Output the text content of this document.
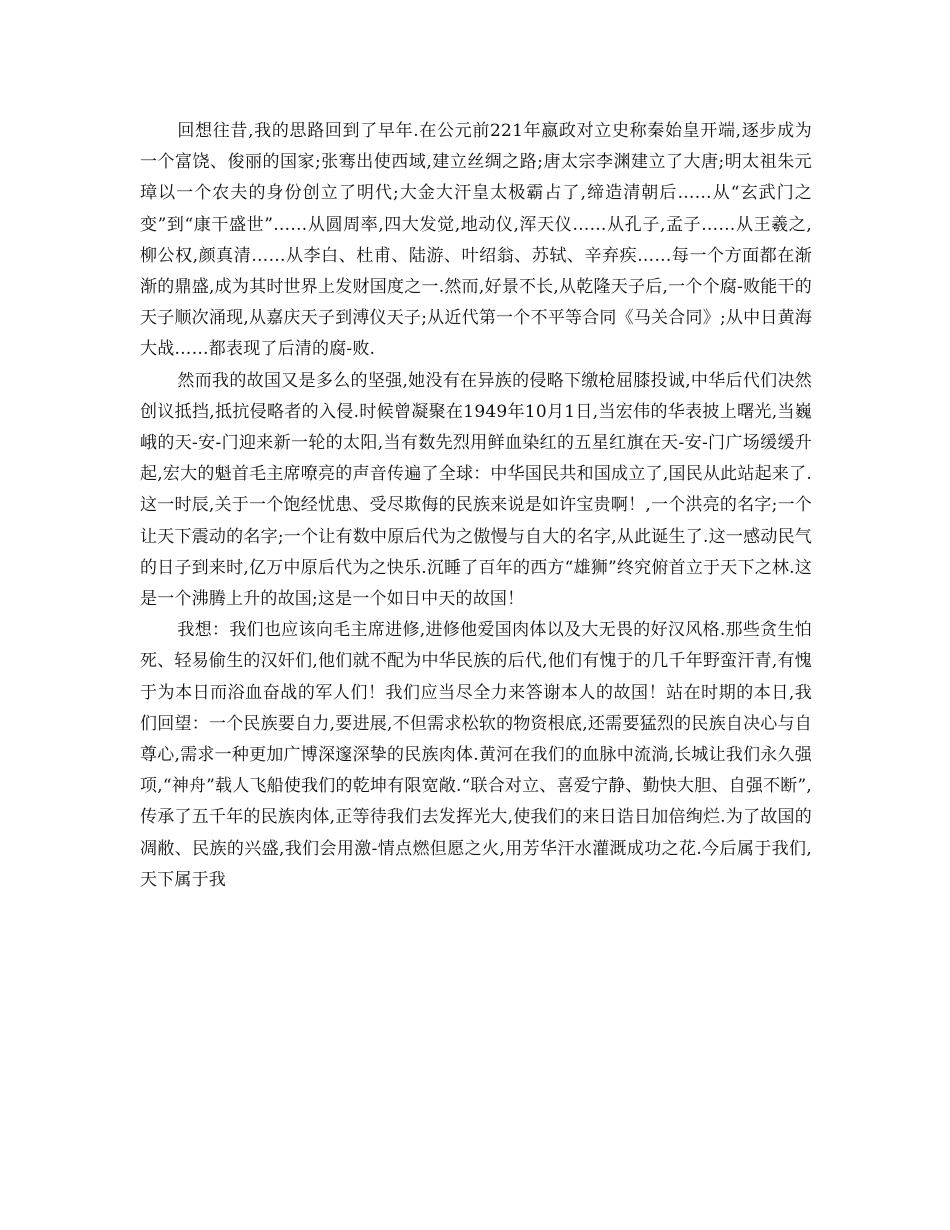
回想往昔,我的思路回到了早年.在公元前221年嬴政对立史称秦始皇开端,逐步成为一个富饶、俊丽的国家;张骞出使西域,建立丝绸之路;唐太宗李渊建立了大唐;明太祖朱元璋以一个农夫的身份创立了明代;大金大汗皇太极霸占了,缔造清朝后……从“玄武门之变”到“康干盛世”……从圆周率,四大发觉,地动仪,浑天仪……从孔子,孟子……从王羲之,柳公权,颜真清……从李白、杜甫、陆游、叶绍翁、苏轼、辛弃疾……每一个方面都在渐渐的鼎盛,成为其时世界上发财国度之一.然而,好景不长,从乾隆天子后,一个个腐-败能干的天子顺次涌现,从嘉庆天子到溥仪天子;从近代第一个不平等合同《马关合同》;从中日黄海大战……都表现了后清的腐-败.

然而我的故国又是多么的坚强,她没有在异族的侵略下缴枪屈膝投诚,中华后代们决然创议抵挡,抵抗侵略者的入侵.时候曾凝聚在1949年10月1日,当宏伟的华表披上曙光,当巍峨的天-安-门迎来新一轮的太阳,当有数先烈用鲜血染红的五星红旗在天-安-门广场缓缓升起,宏大的魁首毛主席嘹亮的声音传遍了全球：中华国民共和国成立了,国民从此站起来了.这一时辰,关于一个饱经忧患、受尽欺侮的民族来说是如许宝贵啊！,一个洪亮的名字;一个让天下震动的名字;一个让有数中原后代为之傲慢与自大的名字,从此诞生了.这一感动民气的日子到来时,亿万中原后代为之快乐.沉睡了百年的西方“雄狮”终究俯首立于天下之林.这是一个沸腾上升的故国;这是一个如日中天的故国！

我想：我们也应该向毛主席进修,进修他爱国肉体以及大无畏的好汉风格.那些贪生怕死、轻易偷生的汉奸们,他们就不配为中华民族的后代,他们有愧于的几千年野蛮汗青,有愧于为本日而浴血奋战的军人们！我们应当尽全力来答谢本人的故国！站在时期的本日,我们回望：一个民族要自力,要进展,不但需求松软的物资根底,还需要猛烈的民族自决心与自尊心,需求一种更加广博深邃深挚的民族肉体.黄河在我们的血脉中流淌,长城让我们永久强项,“神舟”载人飞船使我们的乾坤有限宽敞.“联合对立、喜爱宁静、勤快大胆、自强不断”,传承了五千年的民族肉体,正等待我们去发挥光大,使我们的来日诰日加倍绚烂.为了故国的凋敝、民族的兴盛,我们会用激-情点燃但愿之火,用芳华汗水灌溉成功之花.今后属于我们,天下属于我
